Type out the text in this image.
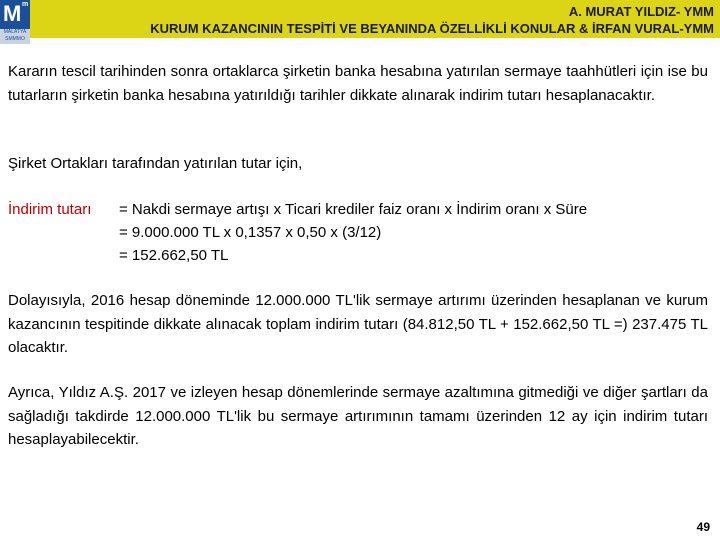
M m
MALATYA
SMMMO
A. MURAT YILDIZ- YMM
KURUM KAZANCININ TESPİTİ VE BEYANINDA ÖZELLİKLİ KONULAR & İRFAN VURAL-YMM

Kararın tescil tarihinden sonra ortaklarca şirketin banka hesabına yatırılan sermaye taahhütleri için ise bu tutarların şirketin banka hesabına yatırıldığı tarihler dikkate alınarak indirim tutarı hesaplanacaktır.

Şirket Ortakları tarafından yatırılan tutar için,

İndirim tutarı	= Nakdi sermaye artışı x Ticari krediler faiz oranı x İndirim oranı x Süre
= 9.000.000 TL x 0,1357 x 0,50 x (3/12)
= 152.662,50 TL

Dolayısıyla, 2016 hesap döneminde 12.000.000 TL'lik sermaye artırımı üzerinden hesaplanan ve kurum kazancının tespitinde dikkate alınacak toplam indirim tutarı (84.812,50 TL + 152.662,50 TL =) 237.475 TL olacaktır.

Ayrıca, Yıldız A.Ş. 2017 ve izleyen hesap dönemlerinde sermaye azaltımına gitmediği ve diğer şartları da sağladığı takdirde 12.000.000 TL'lik bu sermaye artırımının tamamı üzerinden 12 ay için indirim tutarı hesaplayabilecektir.

49
